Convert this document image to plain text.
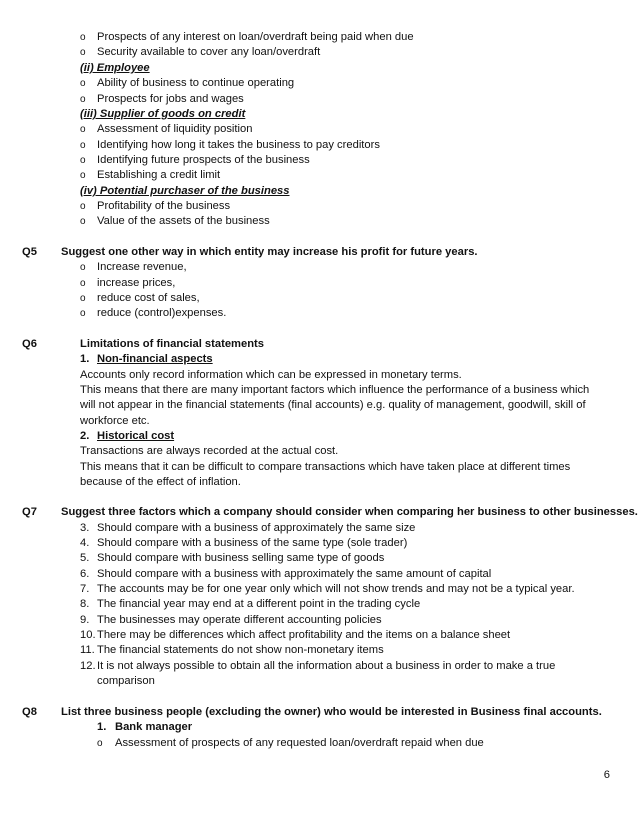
o	Prospects of any interest on loan/overdraft being paid when due
o	Security available to cover any loan/overdraft
(ii) Employee
o	Ability of business to continue operating
o	Prospects for jobs and wages
(iii) Supplier of goods on credit
o	Assessment of liquidity position
o	Identifying how long it takes the business to pay creditors
o	Identifying future prospects of the business
o	Establishing a credit limit
(iv) Potential purchaser of the business
o	Profitability of the business
o	Value of the assets of the business
Q5 Suggest one other way in which entity may increase his profit for future years.
o	Increase revenue,
o	increase prices,
o	reduce cost of sales,
o	reduce (control)expenses.
Q6	Limitations of financial statements
1. Non-financial aspects
Accounts only record information which can be expressed in monetary terms.
This means that there are many important factors which influence the performance of a business which
will not appear in the financial statements (final accounts) e.g. quality of management, goodwill, skill of
workforce etc.
2. Historical cost
Transactions are always recorded at the actual cost.
This means that it can be difficult to compare transactions which have taken place at different times
because of the effect of inflation.
Q7 Suggest three factors which a company should consider when comparing her business to other businesses.
3. Should compare with a business of approximately the same size
4. Should compare with a business of the same type (sole trader)
5. Should compare with business selling same type of goods
6. Should compare with a business with approximately the same amount of capital
7. The accounts may be for one year only which will not show trends and may not be a typical year.
8. The financial year may end at a different point in the trading cycle
9. The businesses may operate different accounting policies
10. There may be differences which affect profitability and the items on a balance sheet
11. The financial statements do not show non-monetary items
12. It is not always possible to obtain all the information about a business in order to make a true
comparison
Q8 List three business people (excluding the owner) who would be interested in Business final accounts.
1. Bank manager
o	Assessment of prospects of any requested loan/overdraft repaid when due
6
